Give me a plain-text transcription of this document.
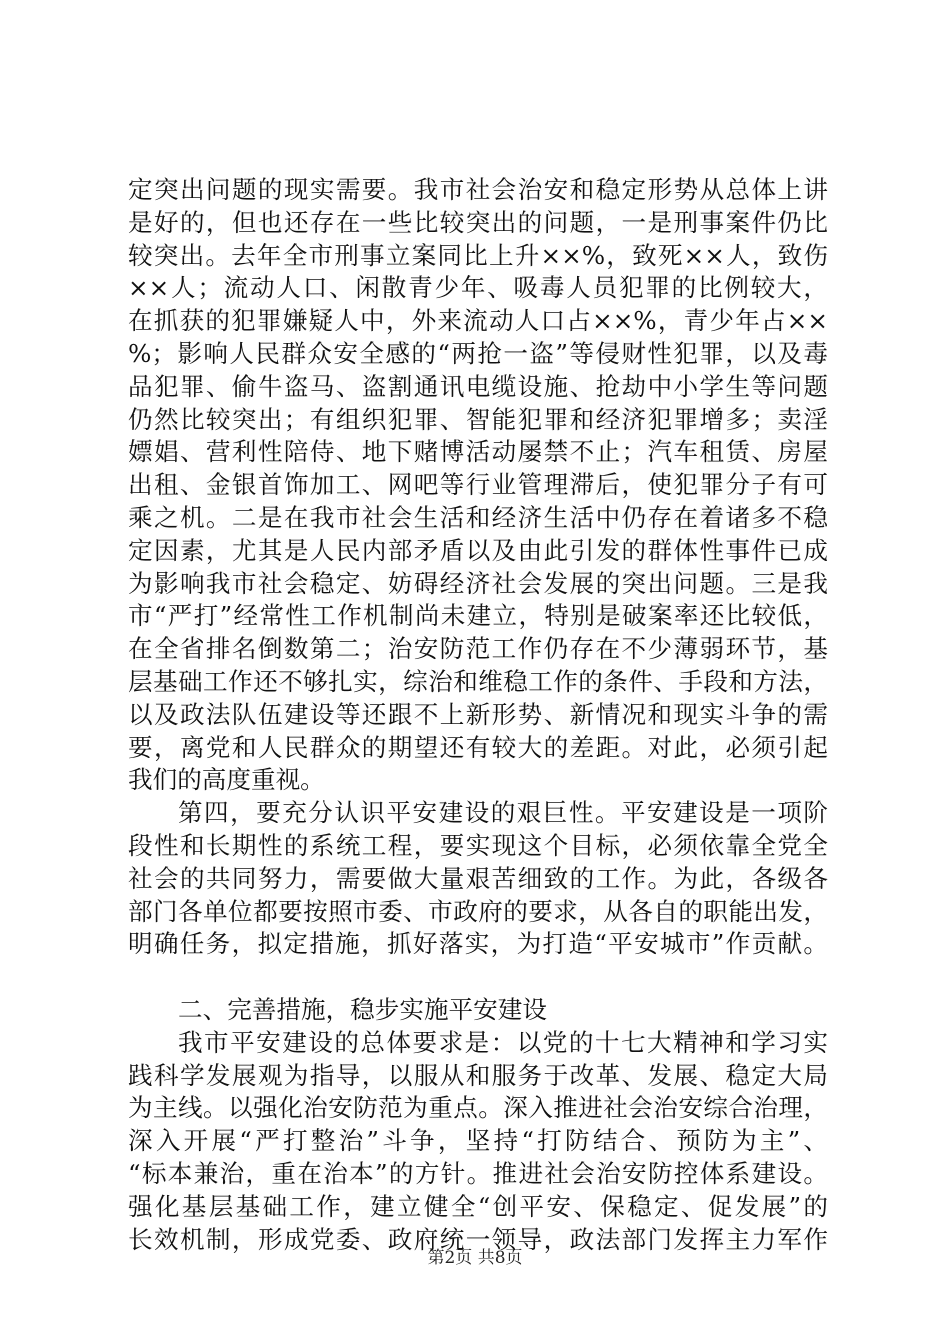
定突出问题的现实需要。我市社会治安和稳定形势从总体上讲
是好的，但也还存在一些比较突出的问题，一是刑事案件仍比
较突出。去年全市刑事立案同比上升××%，致死××人，致伤
××人；流动人口、闲散青少年、吸毒人员犯罪的比例较大，
在抓获的犯罪嫌疑人中，外来流动人口占××%，青少年占××
%；影响人民群众安全感的“两抢一盗”等侵财性犯罪，以及毒
品犯罪、偷牛盗马、盗割通讯电缆设施、抢劫中小学生等问题
仍然比较突出；有组织犯罪、智能犯罪和经济犯罪增多；卖淫
嫖娼、营利性陪侍、地下赌博活动屡禁不止；汽车租赁、房屋
出租、金银首饰加工、网吧等行业管理滞后，使犯罪分子有可
乘之机。二是在我市社会生活和经济生活中仍存在着诸多不稳
定因素，尤其是人民内部矛盾以及由此引发的群体性事件已成
为影响我市社会稳定、妨碍经济社会发展的突出问题。三是我
市“严打”经常性工作机制尚未建立，特别是破案率还比较低，
在全省排名倒数第二；治安防范工作仍存在不少薄弱环节，基
层基础工作还不够扎实，综治和维稳工作的条件、手段和方法，
以及政法队伍建设等还跟不上新形势、新情况和现实斗争的需
要，离党和人民群众的期望还有较大的差距。对此，必须引起
我们的高度重视。
第四，要充分认识平安建设的艰巨性。平安建设是一项阶
段性和长期性的系统工程，要实现这个目标，必须依靠全党全
社会的共同努力，需要做大量艰苦细致的工作。为此，各级各
部门各单位都要按照市委、市政府的要求，从各自的职能出发，
明确任务，拟定措施，抓好落实，为打造“平安城市”作贡献。
二、完善措施，稳步实施平安建设
我市平安建设的总体要求是：以党的十七大精神和学习实
践科学发展观为指导，以服从和服务于改革、发展、稳定大局
为主线。以强化治安防范为重点。深入推进社会治安综合治理，
深入开展“严打整治”斗争，坚持“打防结合、预防为主”、
“标本兼治，重在治本”的方针。推进社会治安防控体系建设。
强化基层基础工作，建立健全“创平安、保稳定、促发展”的
长效机制，形成党委、政府统一领导，政法部门发挥主力军作
第2页 共8页
